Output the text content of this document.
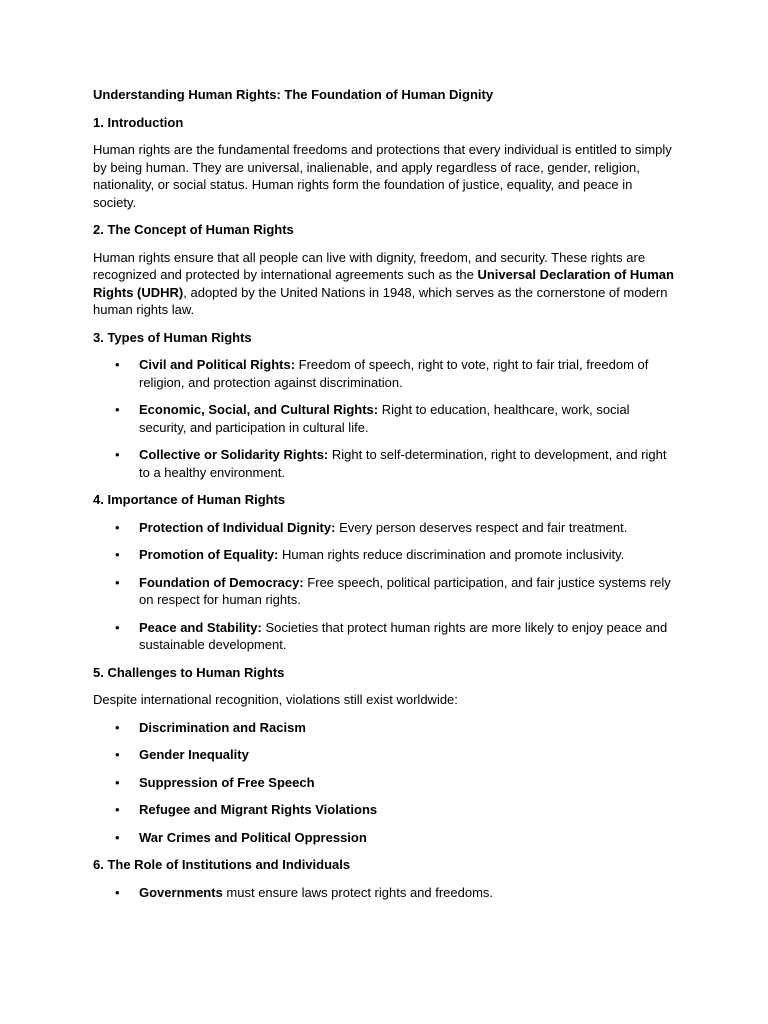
Understanding Human Rights: The Foundation of Human Dignity
1. Introduction
Human rights are the fundamental freedoms and protections that every individual is entitled to simply by being human. They are universal, inalienable, and apply regardless of race, gender, religion, nationality, or social status. Human rights form the foundation of justice, equality, and peace in society.
2. The Concept of Human Rights
Human rights ensure that all people can live with dignity, freedom, and security. These rights are recognized and protected by international agreements such as the Universal Declaration of Human Rights (UDHR), adopted by the United Nations in 1948, which serves as the cornerstone of modern human rights law.
3. Types of Human Rights
• Civil and Political Rights: Freedom of speech, right to vote, right to fair trial, freedom of religion, and protection against discrimination.
• Economic, Social, and Cultural Rights: Right to education, healthcare, work, social security, and participation in cultural life.
• Collective or Solidarity Rights: Right to self-determination, right to development, and right to a healthy environment.
4. Importance of Human Rights
• Protection of Individual Dignity: Every person deserves respect and fair treatment.
• Promotion of Equality: Human rights reduce discrimination and promote inclusivity.
• Foundation of Democracy: Free speech, political participation, and fair justice systems rely on respect for human rights.
• Peace and Stability: Societies that protect human rights are more likely to enjoy peace and sustainable development.
5. Challenges to Human Rights
Despite international recognition, violations still exist worldwide:
• Discrimination and Racism
• Gender Inequality
• Suppression of Free Speech
• Refugee and Migrant Rights Violations
• War Crimes and Political Oppression
6. The Role of Institutions and Individuals
• Governments must ensure laws protect rights and freedoms.
